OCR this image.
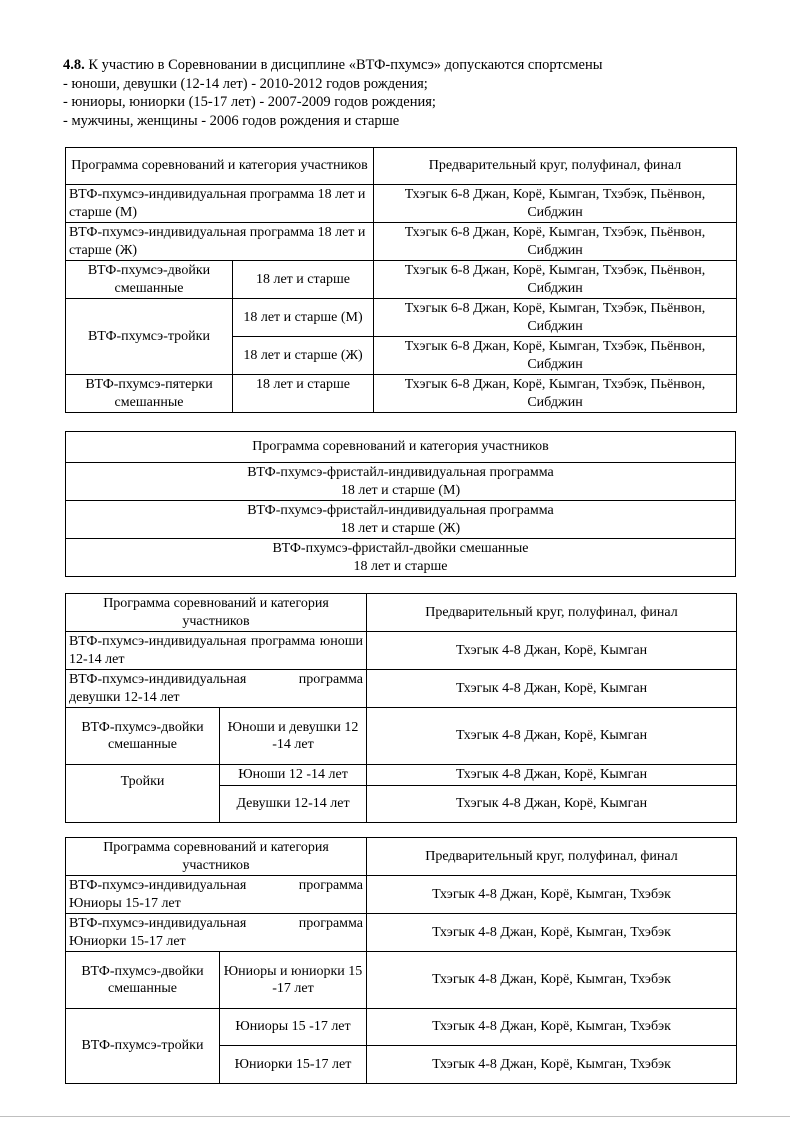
4.8. К участию в Соревновании в дисциплине «ВТФ-пхумсэ» допускаются спортсмены

- юноши, девушки (12-14 лет) - 2010-2012 годов рождения;

- юниоры, юниорки (15-17 лет) - 2007-2009 годов рождения;

- мужчины, женщины - 2006 годов рождения и старше

Программа соревнований и категория участников		Предварительный круг, полуфинал, финал
ВТФ-пхумсэ-индивидуальная программа 18 лет и старше (М)		Тхэгык 6-8 Джан, Корё, Кымган, Тхэбэк, Пьёнвон, Сибджин
ВТФ-пхумсэ-индивидуальная программа 18 лет и старше (Ж)		Тхэгык 6-8 Джан, Корё, Кымган, Тхэбэк, Пьёнвон, Сибджин
ВТФ-пхумсэ-двойки смешанные	18 лет и старше	Тхэгык 6-8 Джан, Корё, Кымган, Тхэбэк, Пьёнвон, Сибджин
ВТФ-пхумсэ-тройки	18 лет и старше (М)	Тхэгык 6-8 Джан, Корё, Кымган, Тхэбэк, Пьёнвон, Сибджин
	18 лет и старше (Ж)	Тхэгык 6-8 Джан, Корё, Кымган, Тхэбэк, Пьёнвон, Сибджин
ВТФ-пхумсэ-пятерки смешанные	18 лет и старше	Тхэгык 6-8 Джан, Корё, Кымган, Тхэбэк, Пьёнвон, Сибджин
Программа соревнований и категория участников
ВТФ-пхумсэ-фристайл-индивидуальная программа
18 лет и старше (М)
ВТФ-пхумсэ-фристайл-индивидуальная программа
18 лет и старше (Ж)
ВТФ-пхумсэ-фристайл-двойки смешанные
18 лет и старше
Программа соревнований и категория участников		Предварительный круг, полуфинал, финал
ВТФ-пхумсэ-индивидуальная программа юноши 12-14 лет		Тхэгык 4-8 Джан, Корё, Кымган
ВТФ-пхумсэ-индивидуальная программа девушки 12-14 лет		Тхэгык 4-8 Джан, Корё, Кымган
ВТФ-пхумсэ-двойки смешанные	Юноши и девушки 12 -14 лет	Тхэгык 4-8 Джан, Корё, Кымган
Тройки	Юноши 12 -14 лет	Тхэгык 4-8 Джан, Корё, Кымган
	Девушки 12-14 лет	Тхэгык 4-8 Джан, Корё, Кымган
Программа соревнований и категория участников		Предварительный круг, полуфинал, финал
ВТФ-пхумсэ-индивидуальная программа Юниоры 15-17 лет		Тхэгык 4-8 Джан, Корё, Кымган, Тхэбэк
ВТФ-пхумсэ-индивидуальная программа Юниорки 15-17 лет		Тхэгык 4-8 Джан, Корё, Кымган, Тхэбэк
ВТФ-пхумсэ-двойки смешанные	Юниоры и юниорки 15 -17 лет	Тхэгык 4-8 Джан, Корё, Кымган, Тхэбэк
ВТФ-пхумсэ-тройки	Юниоры 15 -17 лет	Тхэгык 4-8 Джан, Корё, Кымган, Тхэбэк
	Юниорки 15-17 лет	Тхэгык 4-8 Джан, Корё, Кымган, Тхэбэк
